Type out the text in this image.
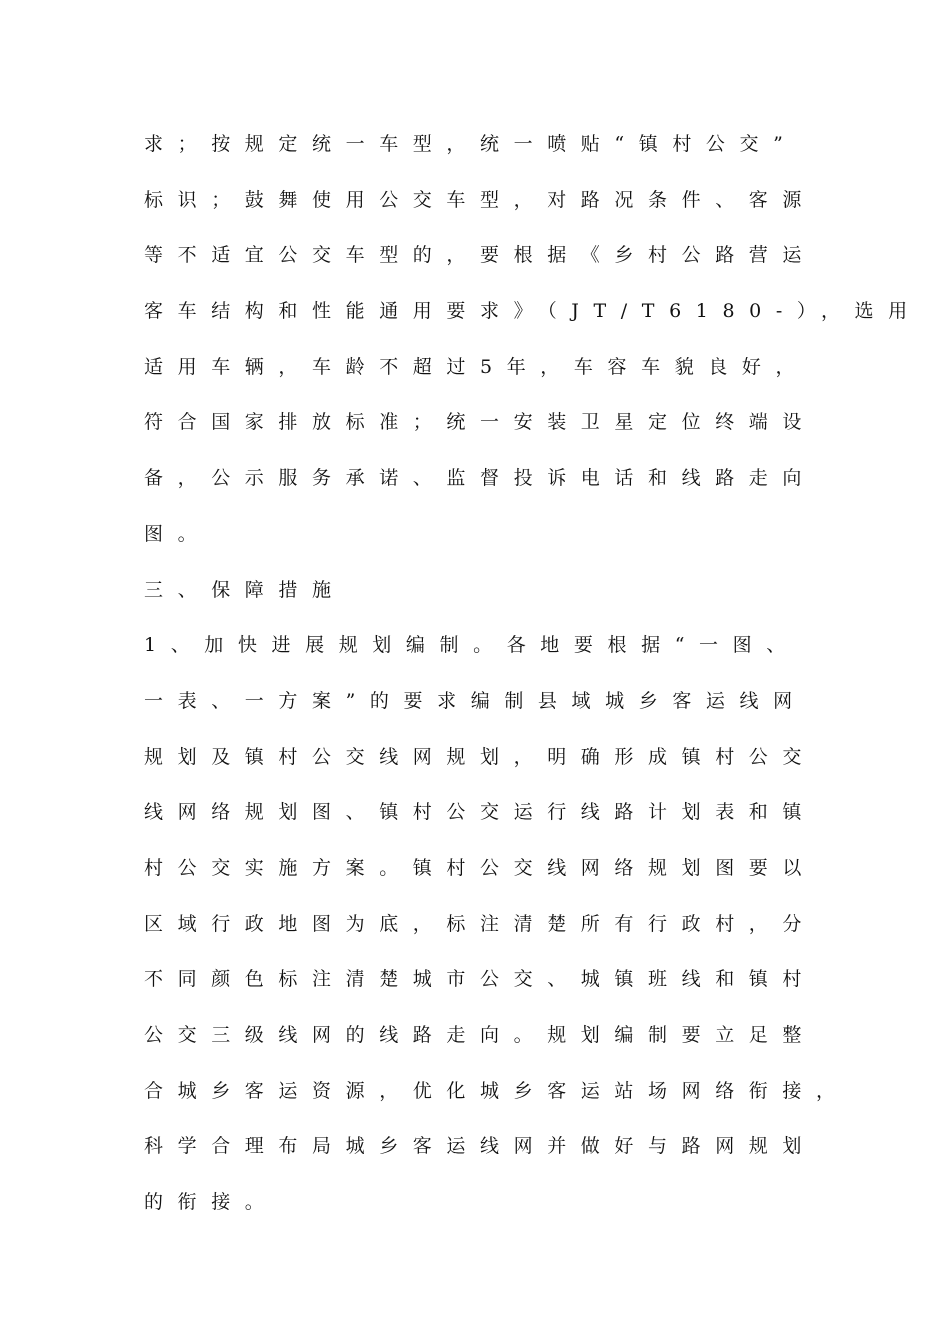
求；按规定统一车型，统一喷贴“镇村公交”
标识；鼓舞使用公交车型，对路况条件、客源
等不适宜公交车型的，要根据《乡村公路营运
客车结构和性能通用要求》（JT/T6180-），选用
适用车辆，车龄不超过5年，车容车貌良好，
符合国家排放标准；统一安装卫星定位终端设
备，公示服务承诺、监督投诉电话和线路走向
图。
三、保障措施
1、加快进展规划编制。各地要根据“一图、
一表、一方案”的要求编制县域城乡客运线网
规划及镇村公交线网规划，明确形成镇村公交
线网络规划图、镇村公交运行线路计划表和镇
村公交实施方案。镇村公交线网络规划图要以
区域行政地图为底，标注清楚所有行政村，分
不同颜色标注清楚城市公交、城镇班线和镇村
公交三级线网的线路走向。规划编制要立足整
合城乡客运资源，优化城乡客运站场网络衔接，
科学合理布局城乡客运线网并做好与路网规划
的衔接。
